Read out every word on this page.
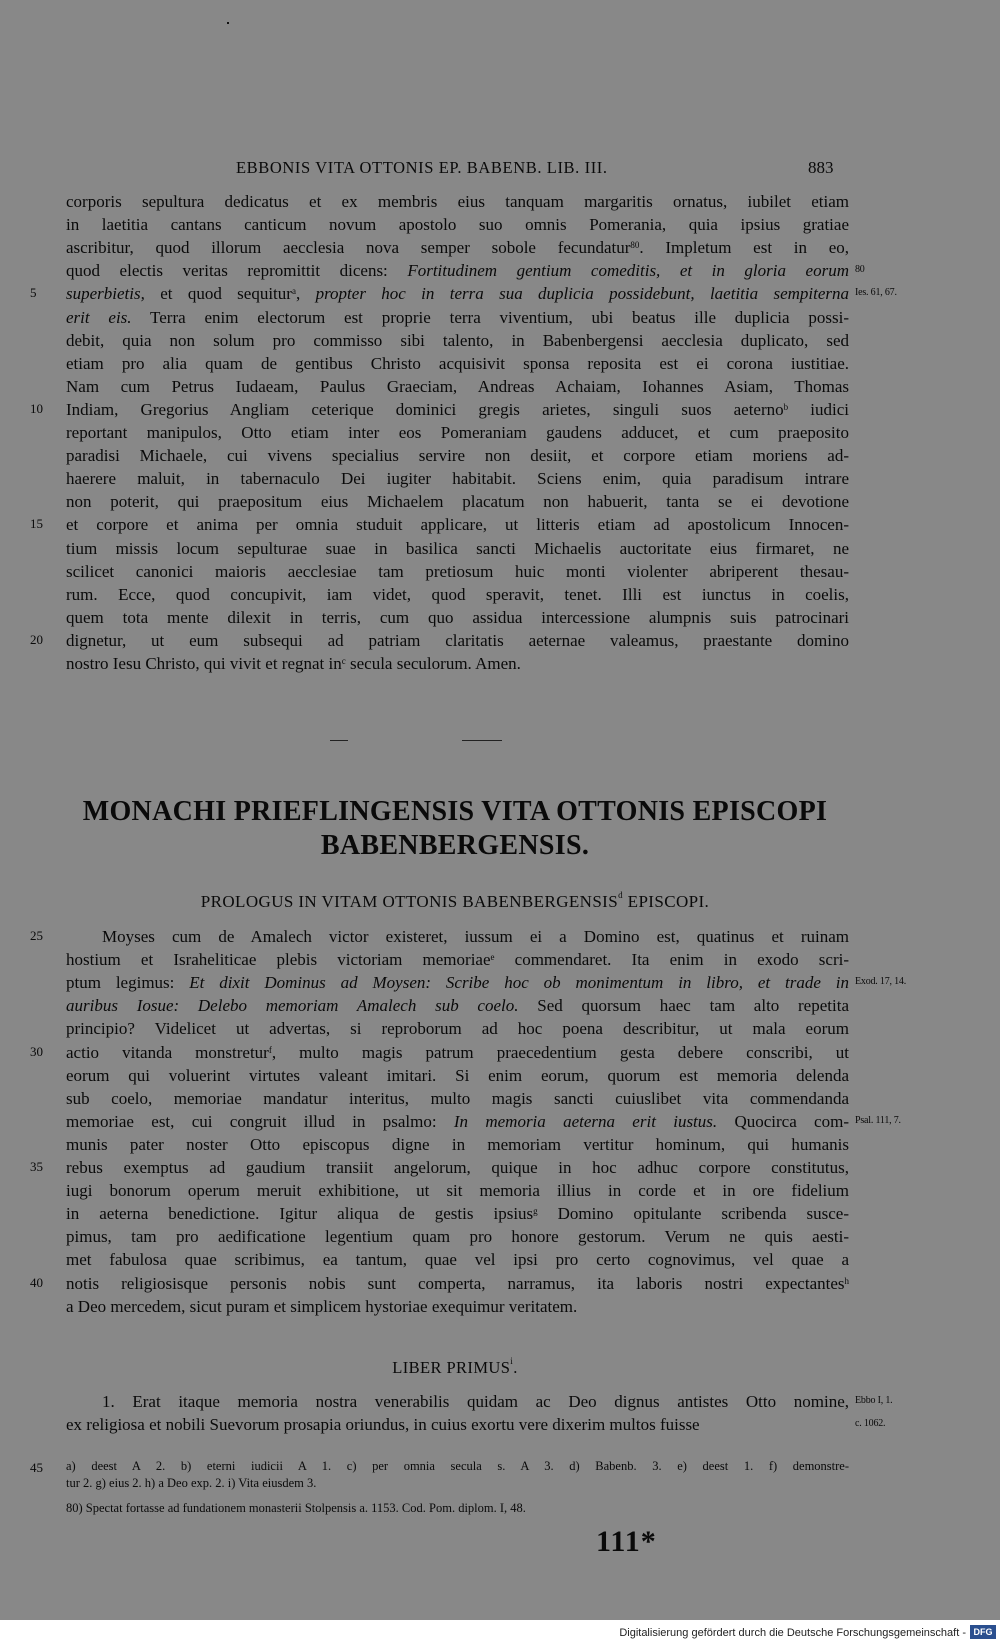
EBBONIS VITA OTTONIS EP. BABENB. LIB. III.	883
corporis sepultura dedicatus et ex membris eius tanquam margaritis ornatus, iubilet etiam
in laetitia cantans canticum novum apostolo suo omnis Pomerania, quia ipsius gratiae
ascribitur, quod illorum aecclesia nova semper sobole fecundatur$^{80}$. Impletum est in eo,
quod electis veritas repromittit dicens: Fortitudinem gentium comeditis, et in gloria eorum
superbietis, et quod sequitur$^a$, propter hoc in terra sua duplicia possidebunt, laetitia sempiterna
erit eis. Terra enim electorum est proprie terra viventium, ubi beatus ille duplicia possi-
debit, quia non solum pro commisso sibi talento, in Babenbergensi aecclesia duplicato, sed
etiam pro alia quam de gentibus Christo acquisivit sponsa reposita est ei corona iustitiae.
Nam cum Petrus Iudaeam, Paulus Graeciam, Andreas Achaiam, Iohannes Asiam, Thomas
Indiam, Gregorius Angliam ceterique dominici gregis arietes, singuli suos aeterno$^b$ iudici
reportant manipulos, Otto etiam inter eos Pomeraniam gaudens adducet, et cum praeposito
paradisi Michaele, cui vivens specialius servire non desiit, et corpore etiam moriens ad-
haerere maluit, in tabernaculo Dei iugiter habitabit. Sciens enim, quia paradisum intrare
non poterit, qui praepositum eius Michaelem placatum non habuerit, tanta se ei devotione
et corpore et anima per omnia studuit applicare, ut litteris etiam ad apostolicum Innocen-
tium missis locum sepulturae suae in basilica sancti Michaelis auctoritate eius firmaret, ne
scilicet canonici maioris aecclesiae tam pretiosum huic monti violenter abriperent thesau-
rum. Ecce, quod concupivit, iam videt, quod speravit, tenet. Illi est iunctus in coelis,
quem tota mente dilexit in terris, cum quo assidua intercessione alumpnis suis patrocinari
dignetur, ut eum subsequi ad patriam claritatis aeternae valeamus, praestante domino
nostro Iesu Christo, qui vivit et regnat $in^c$ secula seculorum. Amen.
5
10
15
20
80
Ies. 61, 67.
MONACHI PRIEFLINGENSIS VITA OTTONIS EPISCOPI
BABENBERGENSIS.
PROLOGUS IN VITAM OTTONIS BABENBERGENSIS$^d$ EPISCOPI.
Moyses cum de Amalech victor existeret, iussum ei a Domino est, quatinus et ruinam
hostium et Israheliticae plebis victoriam memoriae$^e$ commendaret. Ita enim in exodo scri-
ptum legimus: Et dixit Dominus ad Moysen: Scribe hoc ob monimentum in libro, et trade in
auribus Iosue: Delebo memoriam Amalech sub coelo. Sed quorsum haec tam alto repetita
principio? Videlicet ut advertas, si reproborum ad hoc poena describitur, ut mala eorum
actio vitanda monstretur$^f$, multo magis patrum praecedentium gesta debere conscribi, ut
eorum qui voluerint virtutes valeant imitari. Si enim eorum, quorum est memoria delenda
sub coelo, memoriae mandatur interitus, multo magis sancti cuiuslibet vita commendanda
memoriae est, cui congruit illud in psalmo: In memoria aeterna erit iustus. Quocirca com-
munis pater noster Otto episcopus digne in memoriam vertitur hominum, qui humanis
rebus exemptus ad gaudium transiit angelorum, quique in hoc adhuc corpore constitutus,
iugi bonorum operum meruit exhibitione, ut sit memoria illius in corde et in ore fidelium
in aeterna benedictione. Igitur aliqua de gestis ipsius$^g$ Domino opitulante scribenda susce-
pimus, tam pro aedificatione legentium quam pro honore gestorum. Verum ne quis aesti-
met fabulosa quae scribimus, ea tantum, quae vel ipsi pro certo cognovimus, vel quae a
notis religiosisque personis nobis sunt comperta, narramus, ita laboris nostri expectantes$^h$
a Deo mercedem, sicut puram et simplicem hystoriae exequimur veritatem.
25
30
35
40
Exod. 17, 14.
Psal. 111, 7.
LIBER PRIMUS$^i$.
1. Erat itaque memoria nostra venerabilis quidam ac Deo dignus antistes Otto nomine,
ex religiosa et nobili Suevorum prosapia oriundus, in cuius exortu vere dixerim multos fuisse
Ebbo I, 1.
c. 1062.
45 a) deest A 2. b) eterni iudicii A 1. c) per omnia secula s. A 3. d) Babenb. 3. e) deest 1. f) demonstre-
tur 2. g) eius 2. h) a Deo exp. 2. i) Vita eiusdem 3.
80) Spectat fortasse ad fundationem monasterii Stolpensis a. 1153. Cod. Pom. diplom. I, 48.
111*
Digitalisierung gefördert durch die Deutsche Forschungsgemeinschaft - DFG
